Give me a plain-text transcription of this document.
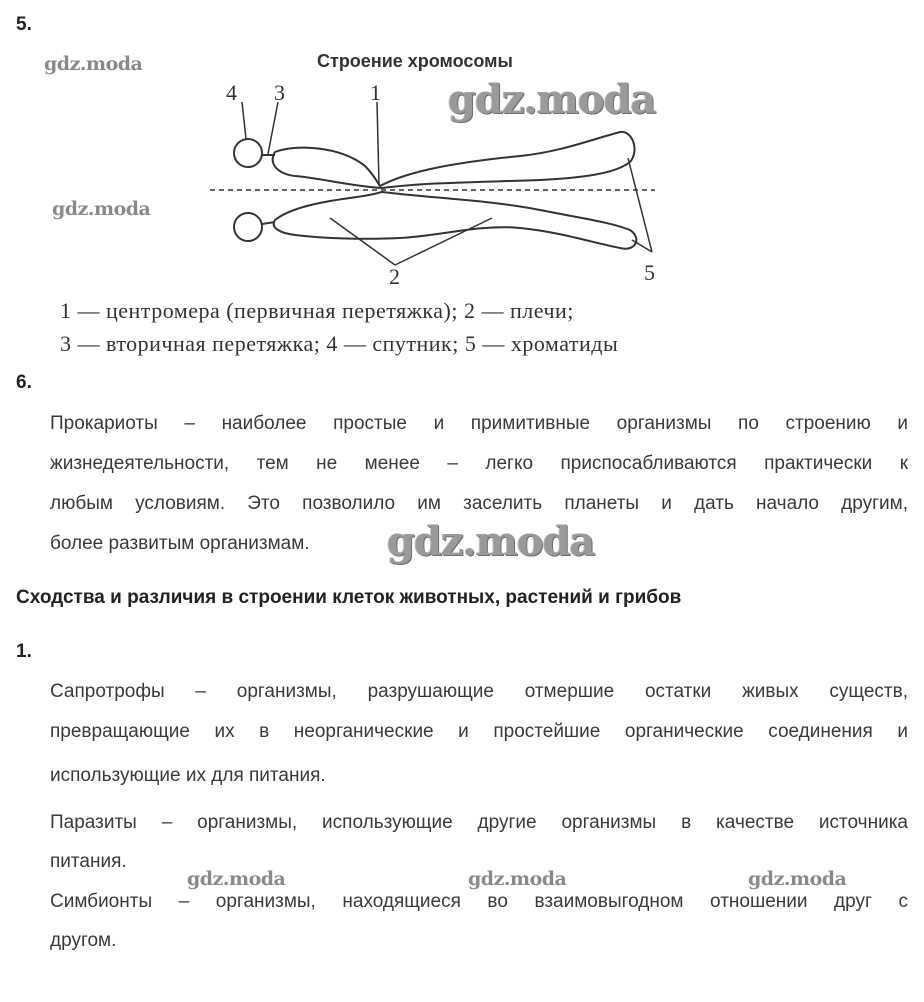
5.
gdz.moda
gdz.moda
Строение хромосомы
gdz.moda
4 3	1
2	5
1 — центромера (первичная перетяжка); 2 — плечи;
3 — вторичная перетяжка; 4 — спутник; 5 — хроматиды
6.
Прокариоты – наиболее простые и примитивные организмы по строению и
жизнедеятельности, тем не менее – легко приспосабливаются практически к
любым условиям. Это позволило им заселить планеты и дать начало другим,
более развитым организмам. gdz.moda
Сходства и различия в строении клеток животных, растений и грибов
1.
Сапротрофы – организмы, разрушающие отмершие остатки живых существ,
превращающие их в неорганические и простейшие органические соединения и
использующие их для питания.
Паразиты – организмы, использующие другие организмы в качестве источника
питания.
Симбионты – организмы, находящиеся во взаимовыгодном отношении друг с
другом.
gdz.moda	gdz.moda	gdz.moda
